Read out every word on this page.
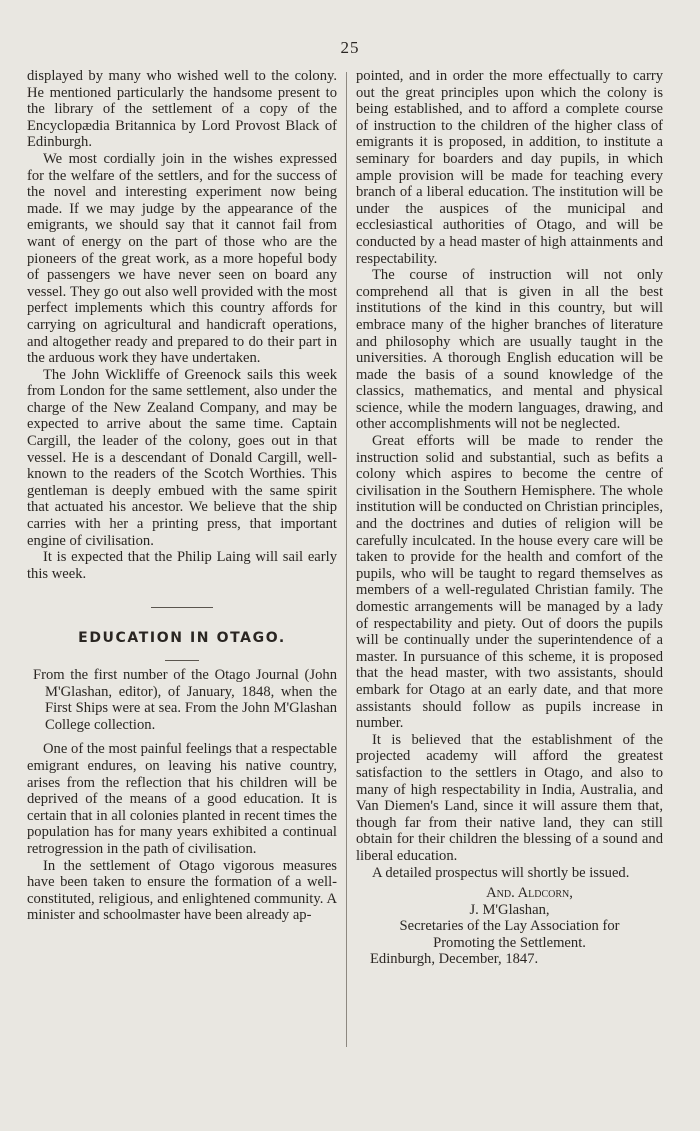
25

displayed by many who wished well to the colony. He mentioned particularly the handsome present to the library of the settlement of a copy of the Encyclopædia Britannica by Lord Provost Black of Edinburgh.

We most cordially join in the wishes expressed for the welfare of the settlers, and for the success of the novel and interesting experiment now being made. If we may judge by the appearance of the emigrants, we should say that it cannot fail from want of energy on the part of those who are the pioneers of the great work, as a more hopeful body of passengers we have never seen on board any vessel. They go out also well provided with the most perfect implements which this country affords for carrying on agricultural and handicraft operations, and altogether ready and prepared to do their part in the arduous work they have undertaken.

The John Wickliffe of Greenock sails this week from London for the same settlement, also under the charge of the New Zealand Company, and may be expected to arrive about the same time. Captain Cargill, the leader of the colony, goes out in that vessel. He is a descendant of Donald Cargill, well-known to the readers of the Scotch Worthies. This gentleman is deeply embued with the same spirit that actuated his ancestor. We believe that the ship carries with her a printing press, that important engine of civilisation.

It is expected that the Philip Laing will sail early this week.

EDUCATION IN OTAGO.

From the first number of the Otago Journal (John M'Glashan, editor), of January, 1848, when the First Ships were at sea. From the John M'Glashan College collection.

One of the most painful feelings that a respectable emigrant endures, on leaving his native country, arises from the reflection that his children will be deprived of the means of a good education. It is certain that in all colonies planted in recent times the population has for many years exhibited a continual retrogression in the path of civilisation.

In the settlement of Otago vigorous measures have been taken to ensure the formation of a well-constituted, religious, and enlightened community. A minister and schoolmaster have been already ap-

pointed, and in order the more effectually to carry out the great principles upon which the colony is being established, and to afford a complete course of instruction to the children of the higher class of emigrants it is proposed, in addition, to institute a seminary for boarders and day pupils, in which ample provision will be made for teaching every branch of a liberal education. The institution will be under the auspices of the municipal and ecclesiastical authorities of Otago, and will be conducted by a head master of high attainments and respectability.

The course of instruction will not only comprehend all that is given in all the best institutions of the kind in this country, but will embrace many of the higher branches of literature and philosophy which are usually taught in the universities. A thorough English education will be made the basis of a sound knowledge of the classics, mathematics, and mental and physical science, while the modern languages, drawing, and other accomplishments will not be neglected.

Great efforts will be made to render the instruction solid and substantial, such as befits a colony which aspires to become the centre of civilisation in the Southern Hemisphere. The whole institution will be conducted on Christian principles, and the doctrines and duties of religion will be carefully inculcated. In the house every care will be taken to provide for the health and comfort of the pupils, who will be taught to regard themselves as members of a well-regulated Christian family. The domestic arrangements will be managed by a lady of respectability and piety. Out of doors the pupils will be continually under the superintendence of a master. In pursuance of this scheme, it is proposed that the head master, with two assistants, should embark for Otago at an early date, and that more assistants should follow as pupils increase in number.

It is believed that the establishment of the projected academy will afford the greatest satisfaction to the settlers in Otago, and also to many of high respectability in India, Australia, and Van Diemen's Land, since it will assure them that, though far from their native land, they can still obtain for their children the blessing of a sound and liberal education.

A detailed prospectus will shortly be issued.

And. Aldcorn,

J. M'Glashan,

Secretaries of the Lay Association for

Promoting the Settlement.

Edinburgh, December, 1847.
